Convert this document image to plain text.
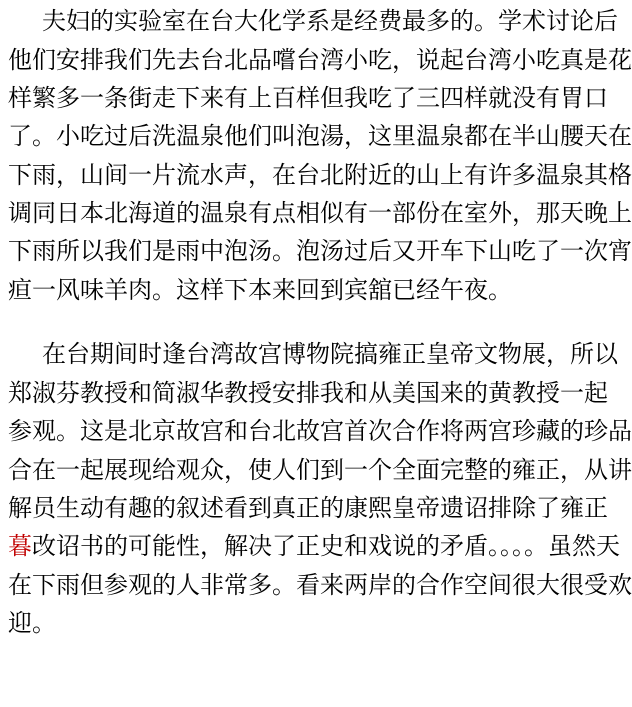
夫妇的实验室在台大化学系是经费最多的。学术讨论后
他们安排我们先去台北品嚐台湾小吃，说起台湾小吃真是花
样繁多一条街走下来有上百样但我吃了三四样就没有胃口
了。小吃过后洗温泉他们叫泡湯，这里温泉都在半山腰天在
下雨，山间一片流水声，在台北附近的山上有许多温泉其格
调同日本北海道的温泉有点相似有一部份在室外，那天晚上
下雨所以我们是雨中泡汤。泡汤过后又开车下山吃了一次宵
疸一风味羊肉。这样下本来回到宾舘已经午夜。
在台期间时逢台湾故宫博物院搞雍正皇帝文物展，所以
郑淑芬教授和简淑华教授安排我和从美国来的黄教授一起
参观。这是北京故宫和台北故宫首次合作将两宫珍藏的珍品
合在一起展现给观众，使人们到一个全面完整的雍正，从讲
解员生动有趣的叙述看到真正的康熙皇帝遗诏排除了雍正
暮改诏书的可能性，解决了正史和戏说的矛盾。。。。虽然天
在下雨但参观的人非常多。看来两岸的合作空间很大很受欢
迎。
